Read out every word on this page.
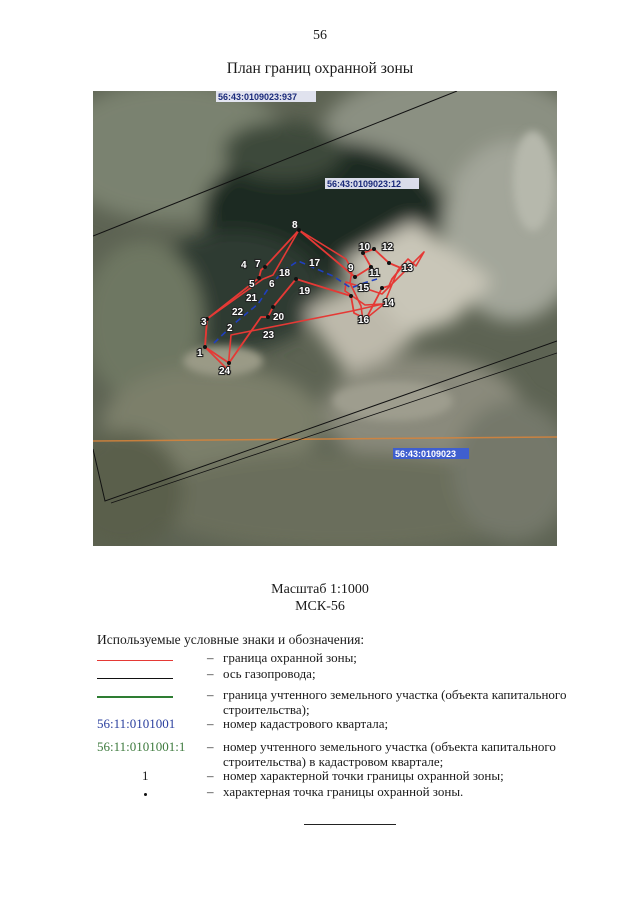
56
План границ охранной зоны
1
2
3
4
5 6
7
8
9
10
11
12
13
14
15
16
17
18
19
20
21
22
23
24
56:43:0109023:937
56:43:0109023:12
56:43:0109023
Масштаб 1:1000
МСК-56
Используемые условные знаки и обозначения:
– граница охранной зоны;
– ось газопровода;
– граница учтенного земельного участка (объекта капитального строительства);
56:11:0101001	– номер кадастрового квартала;
56:11:0101001:1	– номер учтенного земельного участка (объекта капитального строительства) в кадастровом квартале;
1	– номер характерной точки границы охранной зоны;
– характерная точка границы охранной зоны.
